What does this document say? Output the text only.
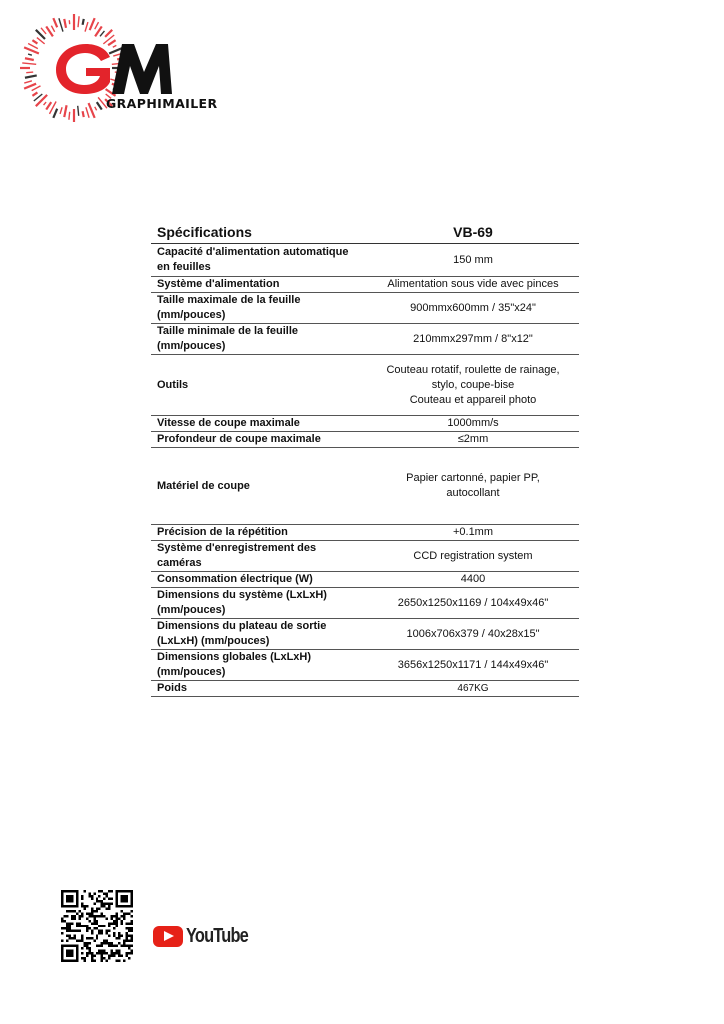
GRAPHIMAILER
Spécifications	VB-69
Capacité d'alimentation automatique en feuilles	150 mm
Système d'alimentation	Alimentation sous vide avec pinces
Taille maximale de la feuille (mm/pouces)	900mmx600mm / 35"x24"
Taille minimale de la feuille (mm/pouces)	210mmx297mm / 8"x12"
Outils	Couteau rotatif, roulette de rainage,
stylo, coupe-bise
Couteau et appareil photo
Vitesse de coupe maximale	1000mm/s
Profondeur de coupe maximale	≤2mm
Matériel de coupe	Papier cartonné, papier PP,
autocollant
Précision de la répétition	+0.1mm
Système d'enregistrement des caméras	CCD registration system
Consommation électrique (W)	4400
Dimensions du système (LxLxH) (mm/pouces)	2650x1250x1169 / 104x49x46"
Dimensions du plateau de sortie (LxLxH) (mm/pouces)	1006x706x379 / 40x28x15"
Dimensions globales (LxLxH) (mm/pouces)	3656x1250x1171 / 144x49x46"
Poids	467KG
YouTube
